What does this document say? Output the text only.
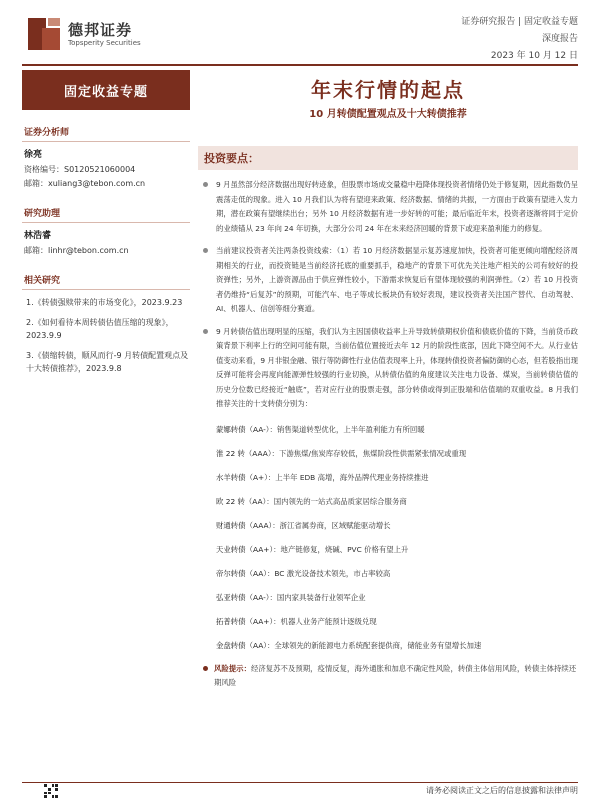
德邦证券
Topsperity Securities
证券研究报告 | 固定收益专题
深度报告
2023 年 10 月 12 日
固定收益专题
证券分析师
徐亮
资格编号：S0120521060004
邮箱：xuliang3@tebon.com.cn
研究助理
林浩睿
邮箱：linhr@tebon.com.cn
相关研究
1.《转债强赎带来的市场变化》，2023.9.23
2.《如何看待本周转债估值压缩的现象》，2023.9.9
3.《债缩转债，顺风而行-9 月转债配置观点及十大转债推荐》，2023.9.8
年末行情的起点
10 月转债配置观点及十大转债推荐
投资要点：
9 月虽然部分经济数据出现好转迹象，但股票市场成交量稳中趋降体现投资者情绪仍处于修复期，因此指数仍呈震荡走低的现象。进入 10 月我们认为将有望迎来政策、经济数据、情绪的共振，一方面由于政策有望进入发力期，潜在政策有望继续出台；另外 10 月经济数据有进一步好转的可能；最后临近年末，投资者逐渐将同于定价的业绩锚从 23 年向 24 年切换，大部分公司 24 年在未来经济回暖的背景下或迎来盈利能力的修复。
当前建议投资者关注两条投资线索：（1）若 10 月经济数据显示复苏速度加快，投资者可能更倾向增配经济周期相关的行业，而投资链是当前经济托底的重要抓手，稳地产的背景下可优先关注地产相关的公司有较好的投资弹性；另外，上游资源品由于供应弹性较小，下游需求恢复后有望体现较强的利润弹性。（2）若 10 月投资者仍维持“后复苏”的预期，可能汽车、电子等成长板块仍有较好表现，建议投资者关注国产替代、自动驾驶、AI、机器人、信创等细分赛道。
9 月转债估值出现明显的压缩，我们认为主因国债收益率上升导致转债期权价值和债底价值的下降，当前货币政策背景下利率上行的空间可能有限，当前估值位置接近去年 12 月的阶段性底部，因此下降空间不大。从行业估值变动来看，9 月非银金融、银行等防御性行业估值表现率上升，体现转债投资者偏防御的心态，但若股指出现反弹可能将会再度向能源弹性较强的行业切换，从转债估值的角度建议关注电力设备、煤炭，当前转债估值的历史分位数已经接近“触底”，若对应行业的股票走强，部分转债或得到正股端和估值端的双重收益。8 月我们推荐关注的十支转债分别为：
蒙娜转债（AA-）：销售渠道转型优化，上半年盈利能力有所回暖
淮 22 转（AAA）：下游焦煤/焦炭库存较低，焦煤阶段性供需紧张情况或重现
水羊转债（A+）：上半年 EDB 高增，海外品牌代理业务持续推进
欧 22 转（AA）：国内领先的一站式高品质家居综合服务商
财通转债（AAA）：浙江省属券商，区域赋能驱动增长
天业转债（AA+）：地产链修复，烧碱、PVC 价格有望上升
帝尔转债（AA）：BC 激光设备技术领先，市占率较高
弘亚转债（AA-）：国内家具装备行业领军企业
拓普转债（AA+）：机器人业务产能预计逐级兑现
金盘转债（AA）：全球领先的新能源电力系统配套提供商，储能业务有望增长加速
风险提示：经济复苏不及预期，疫情反复，海外通胀和加息不确定性风险，转债主体信用风险，转债主体持续还期风险
请务必阅读正文之后的信息披露和法律声明
